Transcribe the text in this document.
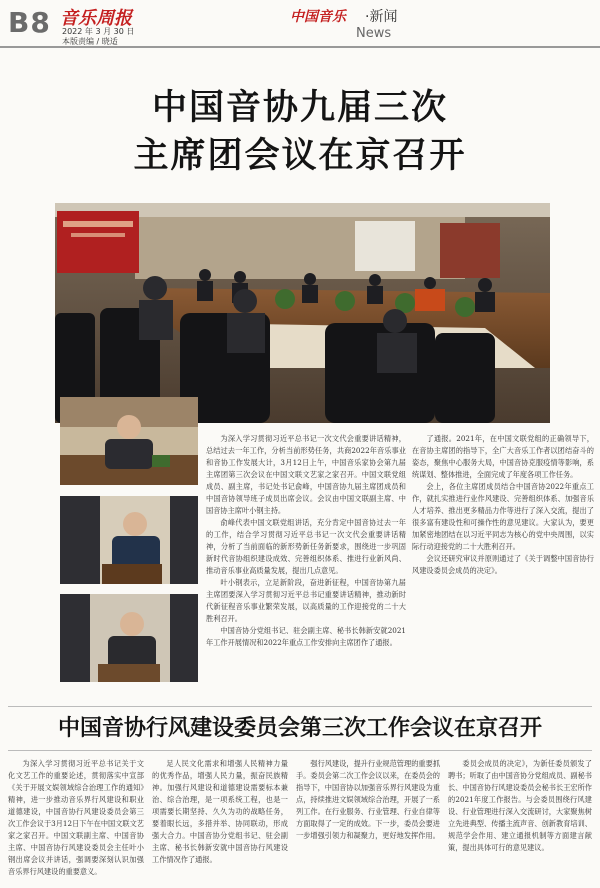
B8 音乐周报
2022 年 3 月 30 日
本版责编 / 晓适
中国音乐 ·新闻
News
中国音协九届三次
主席团会议在京召开

为深入学习贯彻习近平总书记一次文代会重要讲话精神，总结过去一年工作，分析当前形势任务，共商2022年音乐事业和音协工作发展大计，3月12日上午，中国音乐家协会第九届主席团第三次会议在中国文联文艺家之家召开。中国文联党组成员、副主席，书记处书记俞峰，中国音协九届主席团成员和中国音协领导班子成员出席会议。会议由中国文联副主席、中国音协主席叶小钢主持。

俞峰代表中国文联党组讲话，充分肯定中国音协过去一年的工作，结合学习贯彻习近平总书记一次文代会重要讲话精神，分析了当前面临的新形势新任务新要求，围绕进一步巩固新时代音协组织建设成效、完善组织体系、推进行业新风尚、推动音乐事业高质量发展，提出几点意见。

叶小钢表示，立足新阶段，奋进新征程，中国音协第九届主席团要深入学习贯彻习近平总书记重要讲话精神，推动新时代新征程音乐事业繁荣发展，以高质量的工作迎接党的二十大胜利召开。

中国音协分党组书记、驻会副主席、秘书长韩新安就2021年工作开展情况和2022年重点工作安排向主席团作了通报。

了通报。2021年，在中国文联党组的正确领导下，在音协主席团的指导下，全广大音乐工作者以团结奋斗的姿态，聚焦中心服务大局，中国音协克服疫情等影响，系统谋划、整体推进，全面完成了年度各项工作任务。

会上，各位主席团成员结合中国音协2022年重点工作，就扎实推进行业作风建设、完善组织体系、加强音乐人才培养、推出更多精品力作等进行了深入交流，提出了很多富有建设性和可操作性的意见建议。大家认为，要更加紧密地团结在以习近平同志为核心的党中央周围，以实际行动迎接党的二十大胜利召开。

会议还研究审议并原则通过了《关于调整中国音协行风建设委员会成员的决定》。

中国音协行风建设委员会第三次工作会议在京召开

为深入学习贯彻习近平总书记关于文化文艺工作的重要论述，贯彻落实中宣部《关于开展文娱领域综合治理工作的通知》精神，进一步推动音乐界行风建设和职业道德建设，中国音协行风建设委员会第三次工作会议于3月12日下午在中国文联文艺家之家召开。中国文联副主席、中国音协主席、中国音协行风建设委员会主任叶小钢出席会议并讲话，强调要深刻认识加强音乐界行风建设的重要意义。

足人民文化需求和增强人民精神力量的优秀作品，增强人民力量，振奋民族精神。加强行风建设和道德建设需要标本兼治、综合治理，是一项系统工程，也是一项需要长期坚持、久久为功的战略任务，要着眼长远，多措并举、协同联动，形成强大合力。中国音协分党组书记、驻会副主席、秘书长韩新安就中国音协行风建设工作情况作了通报。

强行风建设，提升行业规范管理的重要抓手。委员会第二次工作会议以来，在委员会的指导下，中国音协以加强音乐界行风建设为重点，持续推进文娱领域综合治理，开展了一系列工作。在行业服务、行业管理、行业自律等方面取得了一定的成效。下一步，委员会要进一步增强引领力和凝聚力，更好地发挥作用。

委员会成员的决定》，为新任委员颁发了聘书；听取了由中国音协分党组成员、副秘书长、中国音协行风建设委员会秘书长王宏所作的2021年度工作报告。与会委员围绕行风建设、行业管理进行深入交流研讨，大家聚焦树立先进典型、传播主流声音、创新教育培训、规范学会作用、建立通报机制等方面建言献策，提出具体可行的意见建议。
